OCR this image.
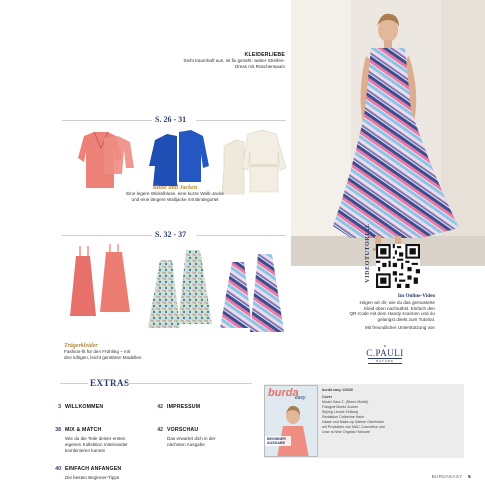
KLEIDERLIEBE
Sieht traumhaft aus, ist fix genäht: weiter Streifen-Dress mit Rüschensaum
S. 26 - 31
Bluse und Jacken
Eine legere Wickelbluse, eine kurze Walk-Jacke
und eine längere Walljacke mit Bindegürtel
S. 32 - 37
Trägerkleider
Fashion-fit für den Frühling – mit
drei luftigen, leicht genähten Modellen
VIDEOTUTORIAL
Im Online-Video
zeigen wir dir, wie du das gemusterte
Kleid oben nachnähst. Einfach den
QR-Code mit dem Handy scannen und du
gelangst direkt zum Tutorial.
Mit freundlicher Unterstützung von
❦
C.PAULI
NATURE
EXTRAS
3 WILLKOMMEN
38 MIX & MATCH
Wie du die Teile deiner ersten
eigenen Kollektion miteinander
kombinieren kannst
40 EINFACH ANFANGEN
Die besten Beginner-Tipps
42 IMPRESSUM
42 VORSCHAU
Das erwartet dich in der
nächsten Ausgabe
burda
easy
BEGINNER AUSGABE
burda easy 1/2026
Cover
Model Sara Z. (Storm Model)
Fotograf Moritz Zucker
Styling Leonie Zellweg
Redaktion Catherine Hahn
Haare und Make-up Sabine Oberhuber
mit Produkten von MAC Cosmetics und
Leax is Nine Organic Haircare
BURDAEASY 5
